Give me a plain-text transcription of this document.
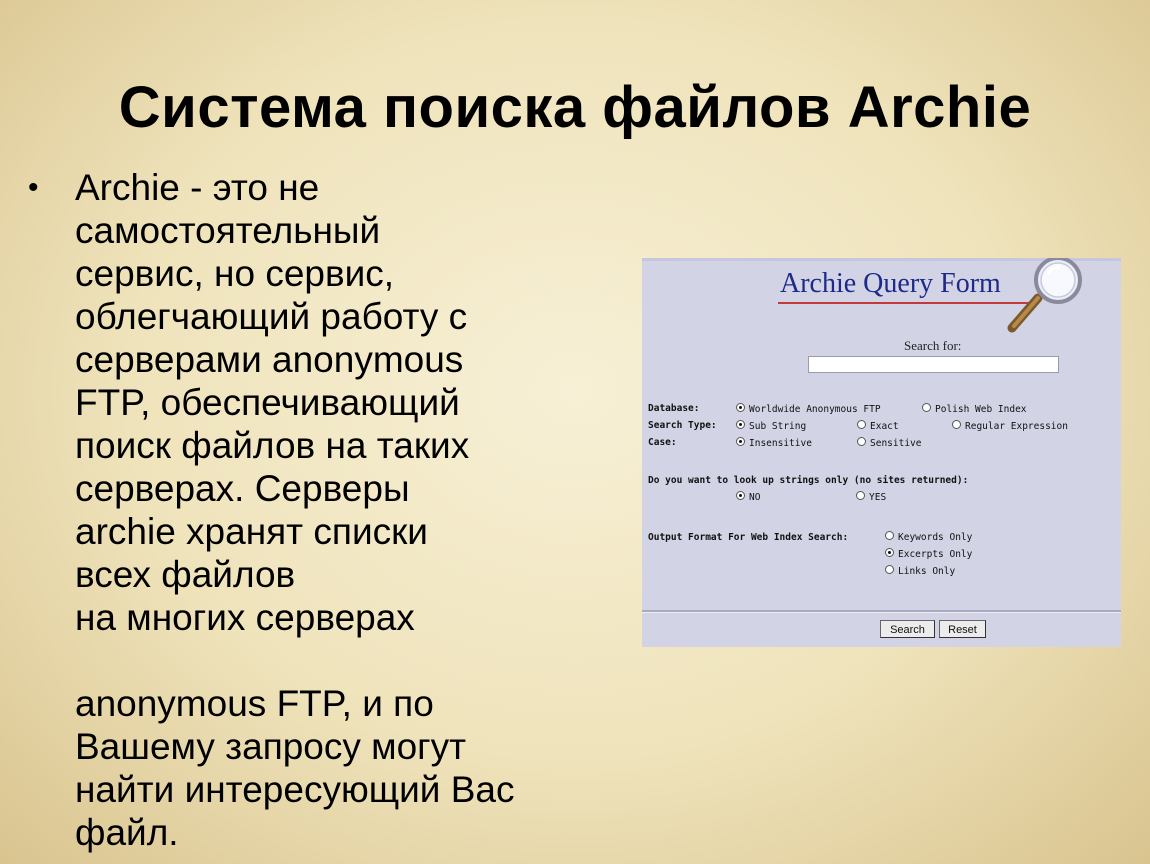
Система поиска файлов Archie
• Archie - это не
самостоятельный
сервис, но сервис,
облегчающий работу с
серверами anonymous
FTP, обеспечивающий
поиск файлов на таких
серверах. Серверы
archie хранят списки
всех файлов
на многих серверах

anonymous FTP, и по
Вашему запросу могут
найти интересующий Вас
файл.
Archie Query Form
Search for:
Database:	Worldwide Anonymous FTP	Polish Web Index
Search Type:	Sub String	Exact	Regular Expression
Case:	Insensitive	Sensitive
Do you want to look up strings only (no sites returned):
NO	YES
Output Format For Web Index Search:	Keywords Only
Excerpts Only
Links Only
Search	Reset
